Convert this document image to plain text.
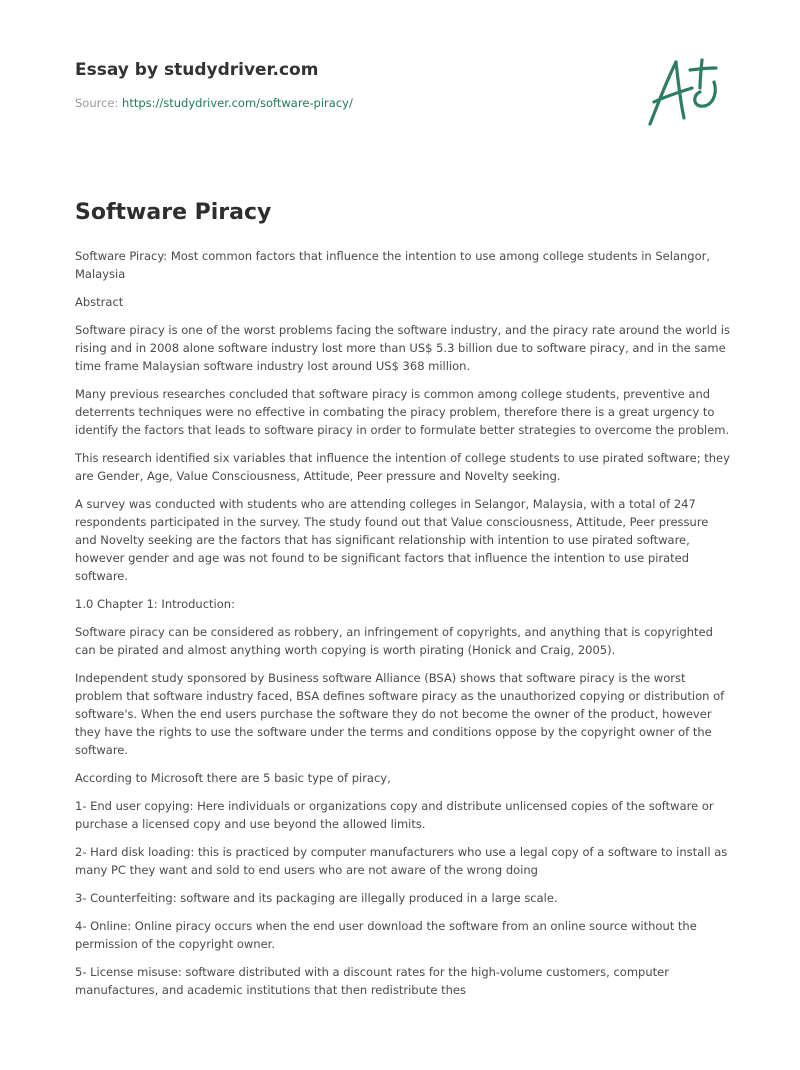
Essay by studydriver.com

Source: https://studydriver.com/software-piracy/
Software Piracy

Software Piracy: Most common factors that influence the intention to use among college students in Selangor, Malaysia

Abstract

Software piracy is one of the worst problems facing the software industry, and the piracy rate around the world is rising and in 2008 alone software industry lost more than US$ 5.3 billion due to software piracy, and in the same time frame Malaysian software industry lost around US$ 368 million.

Many previous researches concluded that software piracy is common among college students, preventive and deterrents techniques were no effective in combating the piracy problem, therefore there is a great urgency to identify the factors that leads to software piracy in order to formulate better strategies to overcome the problem.

This research identified six variables that influence the intention of college students to use pirated software; they are Gender, Age, Value Consciousness, Attitude, Peer pressure and Novelty seeking.

A survey was conducted with students who are attending colleges in Selangor, Malaysia, with a total of 247 respondents participated in the survey. The study found out that Value consciousness, Attitude, Peer pressure and Novelty seeking are the factors that has significant relationship with intention to use pirated software, however gender and age was not found to be significant factors that influence the intention to use pirated software.

1.0 Chapter 1: Introduction:

Software piracy can be considered as robbery, an infringement of copyrights, and anything that is copyrighted can be pirated and almost anything worth copying is worth pirating (Honick and Craig, 2005).

Independent study sponsored by Business software Alliance (BSA) shows that software piracy is the worst problem that software industry faced, BSA defines software piracy as the unauthorized copying or distribution of software's. When the end users purchase the software they do not become the owner of the product, however they have the rights to use the software under the terms and conditions oppose by the copyright owner of the software.

According to Microsoft there are 5 basic type of piracy,

1- End user copying: Here individuals or organizations copy and distribute unlicensed copies of the software or purchase a licensed copy and use beyond the allowed limits.

2- Hard disk loading: this is practiced by computer manufacturers who use a legal copy of a software to install as many PC they want and sold to end users who are not aware of the wrong doing

3- Counterfeiting: software and its packaging are illegally produced in a large scale.

4- Online: Online piracy occurs when the end user download the software from an online source without the permission of the copyright owner.

5- License misuse: software distributed with a discount rates for the high-volume customers, computer manufactures, and academic institutions that then redistribute thes
